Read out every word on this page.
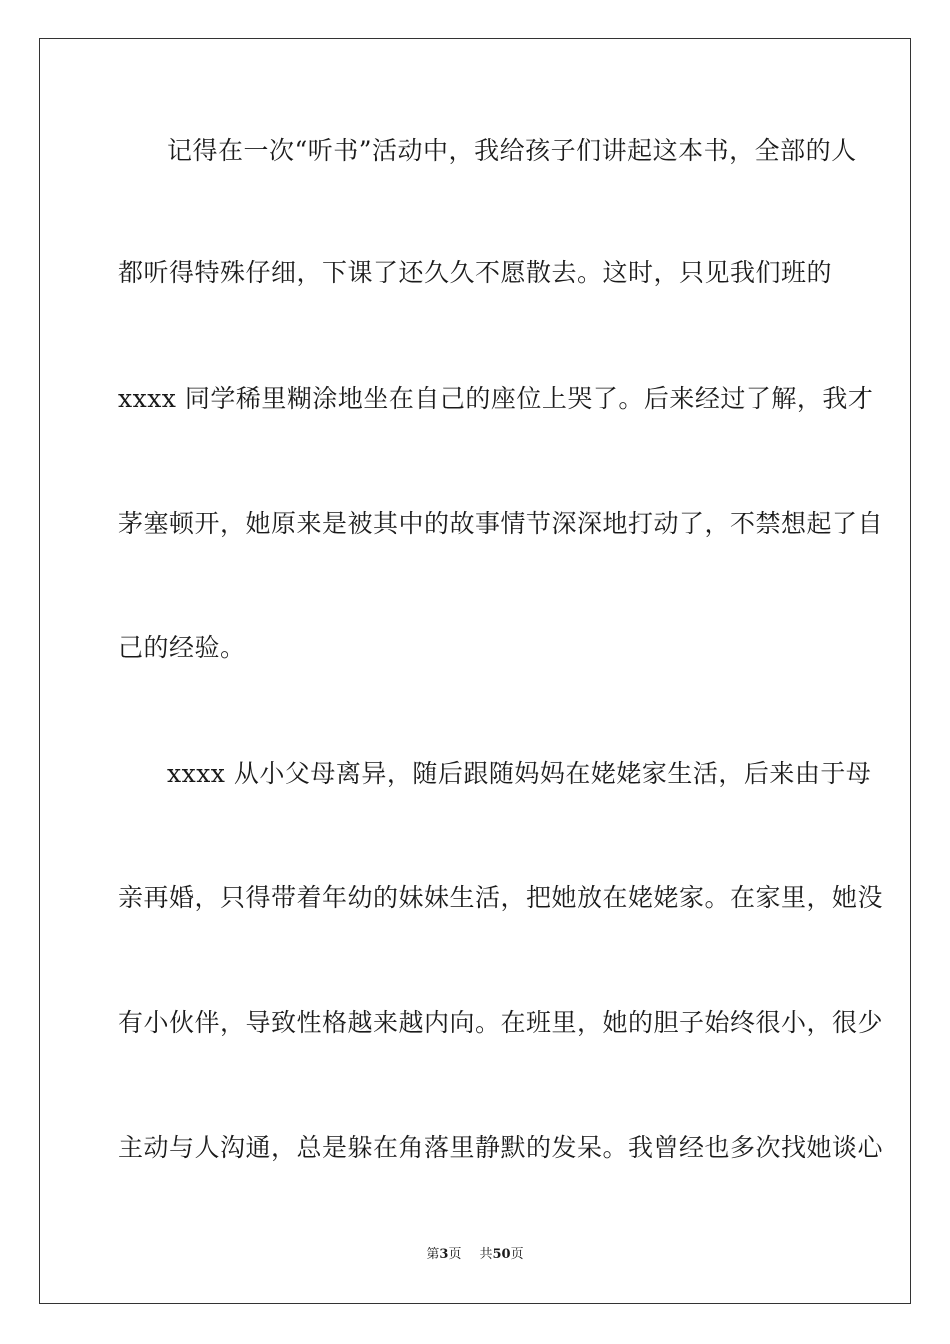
记得在一次“听书”活动中，我给孩子们讲起这本书，全部的人
都听得特殊仔细，下课了还久久不愿散去。这时，只见我们班的
xxxx 同学稀里糊涂地坐在自己的座位上哭了。后来经过了解，我才
茅塞顿开，她原来是被其中的故事情节深深地打动了，不禁想起了自
己的经验。
xxxx 从小父母离异，随后跟随妈妈在姥姥家生活，后来由于母
亲再婚，只得带着年幼的妹妹生活，把她放在姥姥家。在家里，她没
有小伙伴，导致性格越来越内向。在班里，她的胆子始终很小，很少
主动与人沟通，总是躲在角落里静默的发呆。我曾经也多次找她谈心
第3页 共50页
